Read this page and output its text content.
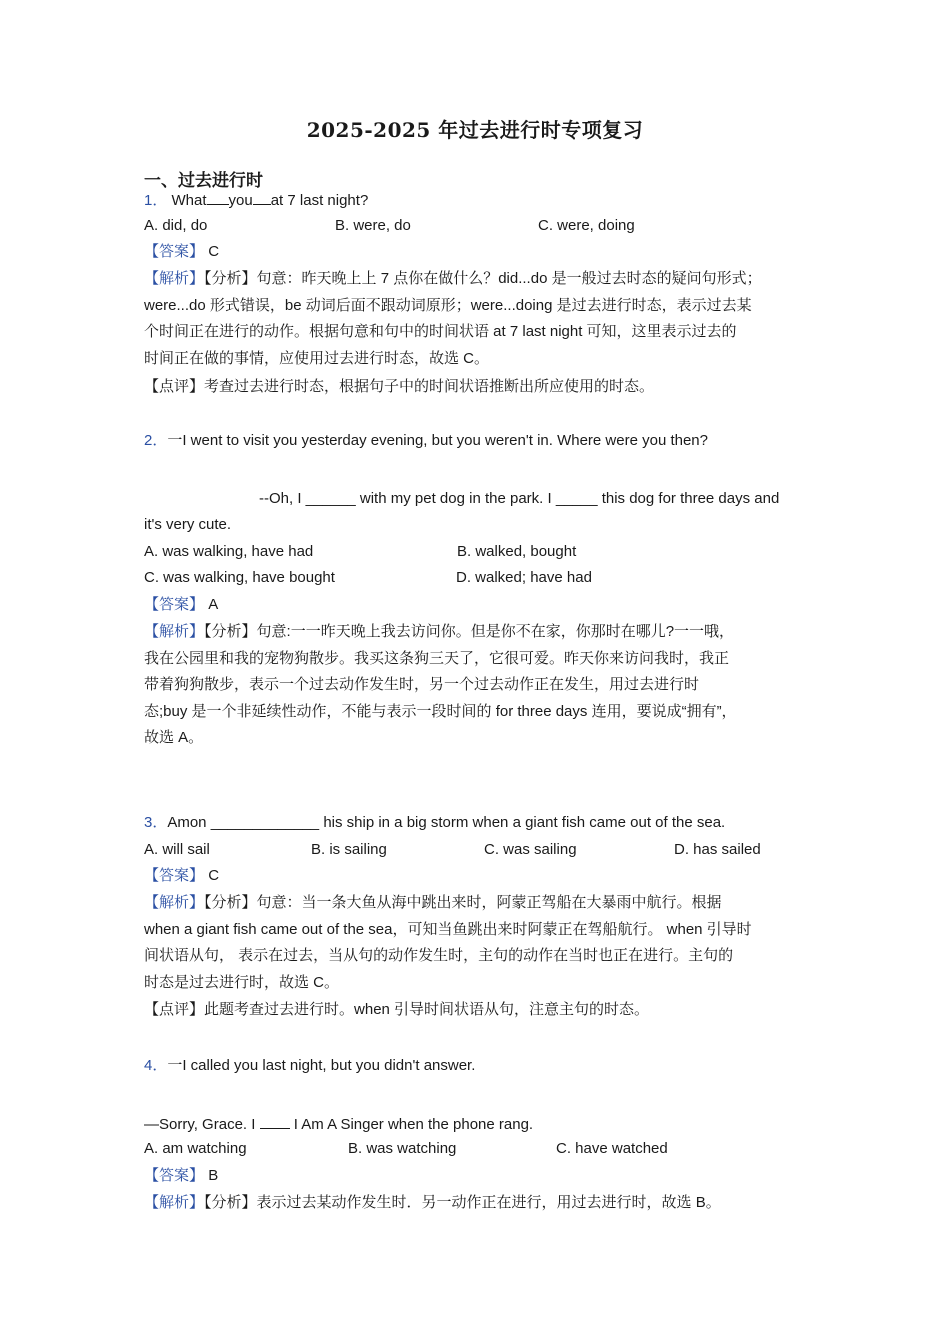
2025-2025 年过去进行时专项复习
一、过去进行时
1． What you at 7 last night?
A. did, do	B. were, do	C. were, doing
【答案】 C
【解析】【分析】句意：昨天晚上上 7 点你在做什么？did...do 是一般过去时态的疑问句形式；
were...do 形式错误，be 动词后面不跟动词原形；were...doing 是过去进行时态，表示过去某
个时间正在进行的动作。根据句意和句中的时间状语 at 7 last night 可知，这里表示过去的
时间正在做的事情，应使用过去进行时态，故选 C。
【点评】考查过去进行时态，根据句子中的时间状语推断出所应使用的时态。
2．一I went to visit you yesterday evening, but you weren't in. Where were you then?
--Oh, I ______ with my pet dog in the park. I _____ this dog for three days and
it's very cute.
A. was walking, have had	B. walked, bought
C. was walking, have bought	D. walked; have had
【答案】 A
【解析】【分析】句意:一一昨天晚上我去访问你。但是你不在家，你那时在哪儿?一一哦，
我在公园里和我的宠物狗散步。我买这条狗三天了，它很可爱。昨天你来访问我时，我正
带着狗狗散步，表示一个过去动作发生时，另一个过去动作正在发生，用过去进行时
态;buy 是一个非延续性动作，不能与表示一段时间的 for three days 连用，要说成“拥有”，
故选 A。
3．Amon _____________ his ship in a big storm when a giant fish came out of the sea.
A. will sail	B. is sailing	C. was sailing	D. has sailed
【答案】 C
【解析】【分析】句意：当一条大鱼从海中跳出来时，阿蒙正驾船在大暴雨中航行。根据
when a giant fish came out of the sea，可知当鱼跳出来时阿蒙正在驾船航行。 when 引导时
间状语从句， 表示在过去，当从句的动作发生时，主句的动作在当时也正在进行。主句的
时态是过去进行时，故选 C。
【点评】此题考查过去进行时。when 引导时间状语从句，注意主句的时态。
4．一I called you last night, but you didn't answer.
—Sorry, Grace. I  I Am A Singer when the phone rang.
A. am watching	B. was watching	C. have watched
【答案】 B
【解析】【分析】表示过去某动作发生时．另一动作正在进行，用过去进行时，故选 B。
